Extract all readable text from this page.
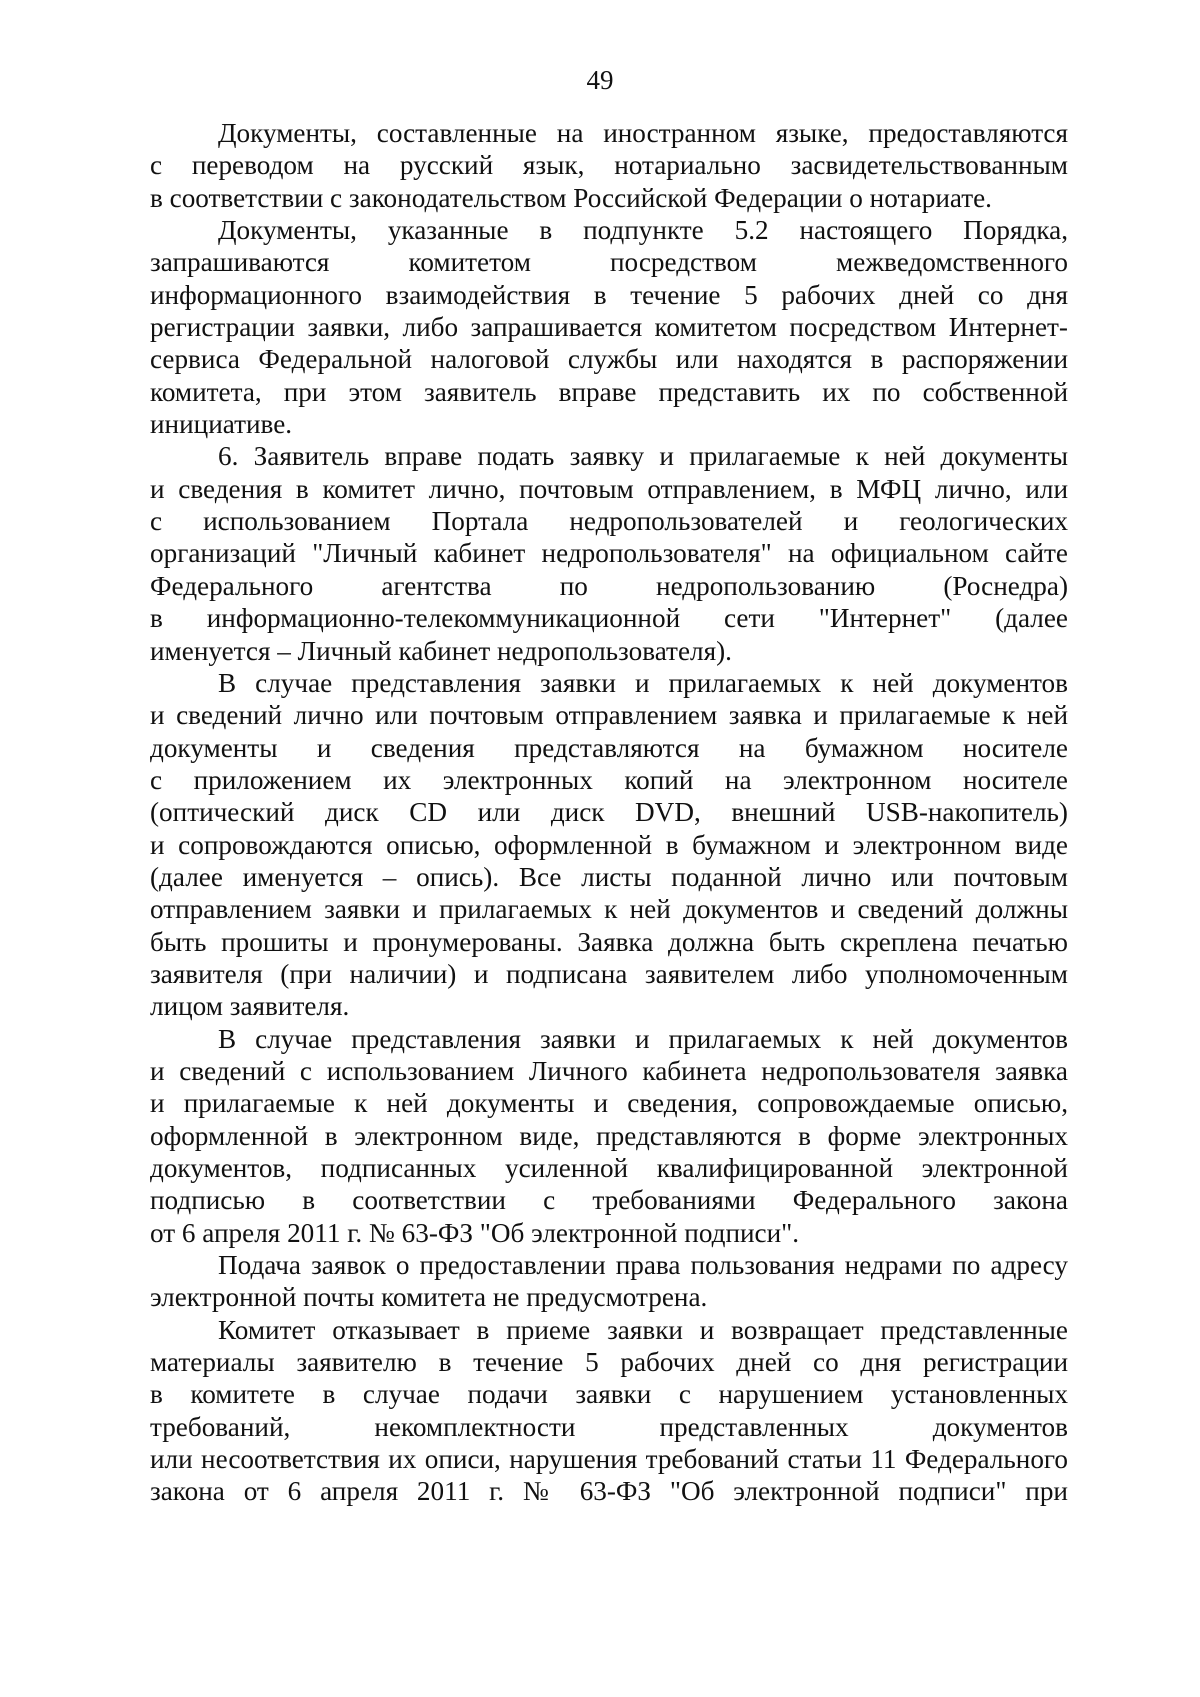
49
Документы, составленные на иностранном языке, предоставляются
с переводом на русский язык, нотариально засвидетельствованным
в соответствии с законодательством Российской Федерации о нотариате.
Документы, указанные в подпункте 5.2 настоящего Порядка,
запрашиваются комитетом посредством межведомственного
информационного взаимодействия в течение 5 рабочих дней со дня
регистрации заявки, либо запрашивается комитетом посредством Интернет-
сервиса Федеральной налоговой службы или находятся в распоряжении
комитета, при этом заявитель вправе представить их по собственной
инициативе.
6. Заявитель вправе подать заявку и прилагаемые к ней документы
и сведения в комитет лично, почтовым отправлением, в МФЦ лично, или
с использованием Портала недропользователей и геологических
организаций "Личный кабинет недропользователя" на официальном сайте
Федерального агентства по недропользованию (Роснедра)
в информационно-телекоммуникационной сети "Интернет" (далее
именуется – Личный кабинет недропользователя).
В случае представления заявки и прилагаемых к ней документов
и сведений лично или почтовым отправлением заявка и прилагаемые к ней
документы и сведения представляются на бумажном носителе
с приложением их электронных копий на электронном носителе
(оптический диск CD или диск DVD, внешний USB-накопитель)
и сопровождаются описью, оформленной в бумажном и электронном виде
(далее именуется – опись). Все листы поданной лично или почтовым
отправлением заявки и прилагаемых к ней документов и сведений должны
быть прошиты и пронумерованы. Заявка должна быть скреплена печатью
заявителя (при наличии) и подписана заявителем либо уполномоченным
лицом заявителя.
В случае представления заявки и прилагаемых к ней документов
и сведений с использованием Личного кабинета недропользователя заявка
и прилагаемые к ней документы и сведения, сопровождаемые описью,
оформленной в электронном виде, представляются в форме электронных
документов, подписанных усиленной квалифицированной электронной
подписью в соответствии с требованиями Федерального закона
от 6 апреля 2011 г. № 63-ФЗ "Об электронной подписи".
Подача заявок о предоставлении права пользования недрами по адресу
электронной почты комитета не предусмотрена.
Комитет отказывает в приеме заявки и возвращает представленные
материалы заявителю в течение 5 рабочих дней со дня регистрации
в комитете в случае подачи заявки с нарушением установленных
требований, некомплектности представленных документов
или несоответствия их описи, нарушения требований статьи 11 Федерального
закона от 6 апреля 2011 г. № 63-ФЗ "Об электронной подписи" при
